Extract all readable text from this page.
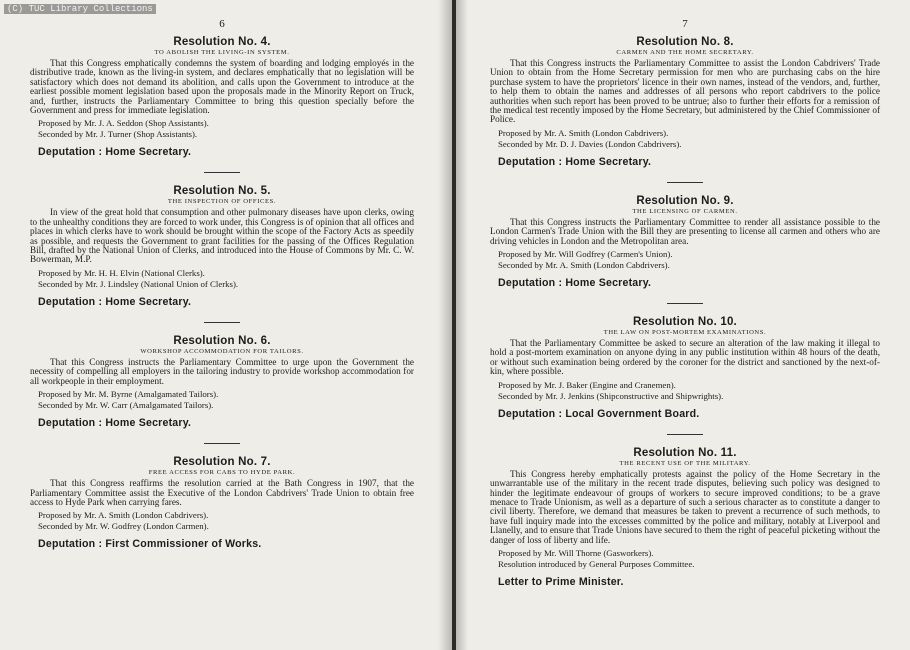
(C) TUC Library Collections
6
Resolution No. 4.
TO ABOLISH THE LIVING-IN SYSTEM.

That this Congress emphatically condemns the system of boarding and lodging employés in the distributive trade, known as the living-in system, and declares emphatically that no legislation will be satisfactory which does not demand its abolition, and calls upon the Government to introduce at the earliest possible moment legislation based upon the proposals made in the Minority Report on Truck, and, further, instructs the Parliamentary Committee to bring this question specially before the Government and press for immediate legislation.

Proposed by Mr. J. A. Seddon (Shop Assistants).
Seconded by Mr. J. Turner (Shop Assistants).
Deputation : Home Secretary.
Resolution No. 5.
THE INSPECTION OF OFFICES.

In view of the great hold that consumption and other pulmonary diseases have upon clerks, owing to the unhealthy conditions they are forced to work under, this Congress is of opinion that all offices and places in which clerks have to work should be brought within the scope of the Factory Acts as speedily as possible, and requests the Government to grant facilities for the passing of the Offices Regulation Bill, drafted by the National Union of Clerks, and introduced into the House of Commons by Mr. C. W. Bowerman, M.P.

Proposed by Mr. H. H. Elvin (National Clerks).
Seconded by Mr. J. Lindsley (National Union of Clerks).
Deputation : Home Secretary.
Resolution No. 6.
WORKSHOP ACCOMMODATION FOR TAILORS.

That this Congress instructs the Parliamentary Committee to urge upon the Government the necessity of compelling all employers in the tailoring industry to provide workshop accommodation for all workpeople in their employment.

Proposed by Mr. M. Byrne (Amalgamated Tailors).
Seconded by Mr. W. Carr (Amalgamated Tailors).
Deputation : Home Secretary.
Resolution No. 7.
FREE ACCESS FOR CABS TO HYDE PARK.

That this Congress reaffirms the resolution carried at the Bath Congress in 1907, that the Parliamentary Committee assist the Executive of the London Cabdrivers' Trade Union to obtain free access to Hyde Park when carrying fares.

Proposed by Mr. A. Smith (London Cabdrivers).
Seconded by Mr. W. Godfrey (London Carmen).
Deputation : First Commissioner of Works.
7
Resolution No. 8.
CARMEN AND THE HOME SECRETARY.

That this Congress instructs the Parliamentary Committee to assist the London Cabdrivers' Trade Union to obtain from the Home Secretary permission for men who are purchasing cabs on the hire purchase system to have the proprietors' licence in their own names, instead of the vendors, and, further, to help them to obtain the names and addresses of all persons who report cabdrivers to the police authorities when such report has been proved to be untrue; also to further their efforts for a remission of the medical test recently imposed by the Home Secretary, but administered by the Chief Commissioner of Police.

Proposed by Mr. A. Smith (London Cabdrivers).
Seconded by Mr. D. J. Davies (London Cabdrivers).
Deputation : Home Secretary.
Resolution No. 9.
THE LICENSING OF CARMEN.

That this Congress instructs the Parliamentary Committee to render all assistance possible to the London Carmen's Trade Union with the Bill they are presenting to license all carmen and others who are driving vehicles in London and the Metropolitan area.

Proposed by Mr. Will Godfrey (Carmen's Union).
Seconded by Mr. A. Smith (London Cabdrivers).
Deputation : Home Secretary.
Resolution No. 10.
THE LAW ON POST-MORTEM EXAMINATIONS.

That the Parliamentary Committee be asked to secure an alteration of the law making it illegal to hold a post-mortem examination on anyone dying in any public institution within 48 hours of the death, or without such examination being ordered by the coroner for the district and sanctioned by the next-of-kin, where possible.

Proposed by Mr. J. Baker (Engine and Cranemen).
Seconded by Mr. J. Jenkins (Shipconstructive and Shipwrights).
Deputation : Local Government Board.
Resolution No. 11.
THE RECENT USE OF THE MILITARY.

This Congress hereby emphatically protests against the policy of the Home Secretary in the unwarrantable use of the military in the recent trade disputes, believing such policy was designed to hinder the legitimate endeavour of groups of workers to secure improved conditions; to be a grave menace to Trade Unionism, as well as a departure of such a serious character as to constitute a danger to civil liberty. Therefore, we demand that measures be taken to prevent a recurrence of such methods, to have full inquiry made into the excesses committed by the police and military, notably at Liverpool and Llanelly, and to ensure that Trade Unions have secured to them the right of peaceful picketing without the danger of loss of liberty and life.

Proposed by Mr. Will Thorne (Gasworkers).
Resolution introduced by General Purposes Committee.
Letter to Prime Minister.
